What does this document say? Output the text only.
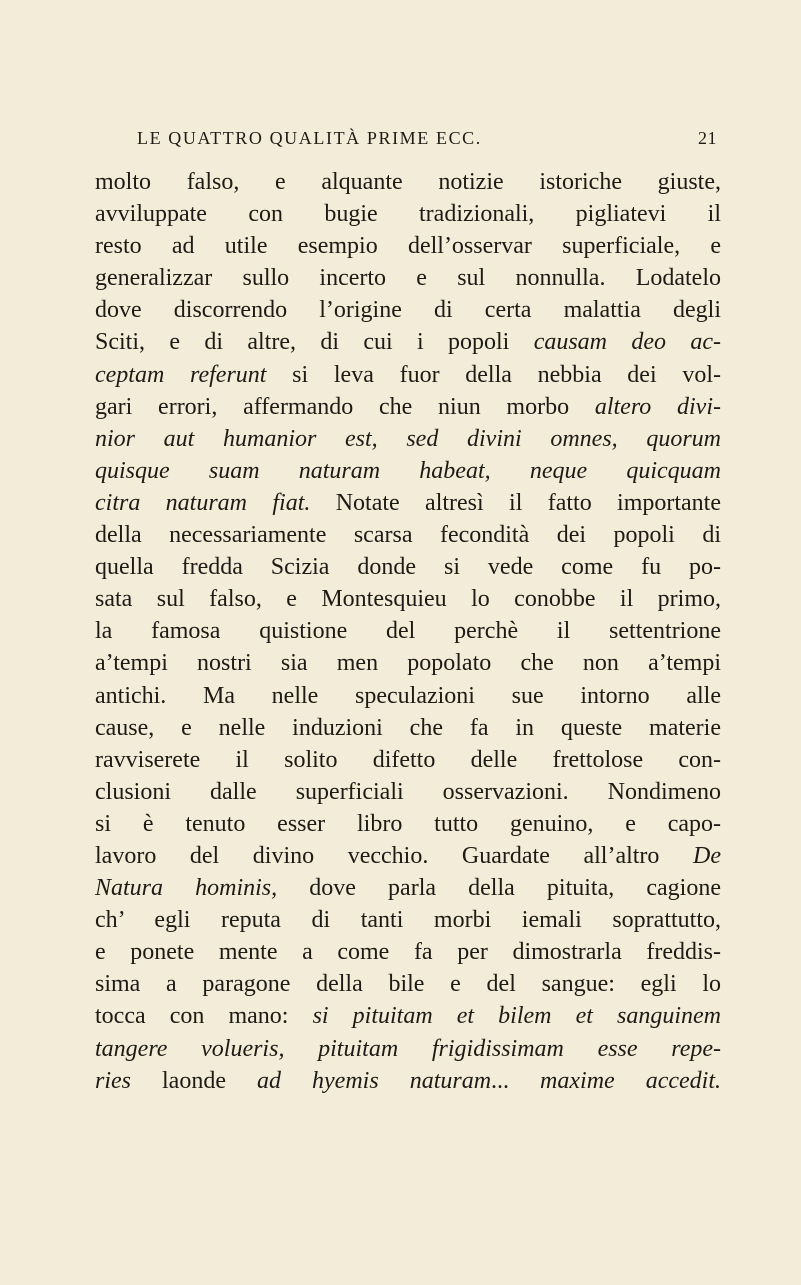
LE QUATTRO QUALITÀ PRIME ECC.	21
molto falso, e alquante notizie istoriche giuste,
avviluppate con bugie tradizionali, pigliatevi il
resto ad utile esempio dell’osservar superficiale, e
generalizzar sullo incerto e sul nonnulla. Lodatelo
dove discorrendo l’origine di certa malattia degli
Sciti, e di altre, di cui i popoli causam deo ac-
ceptam referunt si leva fuor della nebbia dei vol-
gari errori, affermando che niun morbo altero divi-
nior aut humanior est, sed divini omnes, quorum
quisque suam naturam habeat, neque quicquam
citra naturam fiat. Notate altresì il fatto importante
della necessariamente scarsa fecondità dei popoli di
quella fredda Scizia donde si vede come fu po-
sata sul falso, e Montesquieu lo conobbe il primo,
la famosa quistione del perchè il settentrione
a’tempi nostri sia men popolato che non a’tempi
antichi. Ma nelle speculazioni sue intorno alle
cause, e nelle induzioni che fa in queste materie
ravviserete il solito difetto delle frettolose con-
clusioni dalle superficiali osservazioni. Nondimeno
si è tenuto esser libro tutto genuino, e capo-
lavoro del divino vecchio. Guardate all’altro De
Natura hominis, dove parla della pituita, cagione
ch’ egli reputa di tanti morbi iemali soprattutto,
e ponete mente a come fa per dimostrarla freddis-
sima a paragone della bile e del sangue: egli lo
tocca con mano: si pituitam et bilem et sanguinem
tangere volueris, pituitam frigidissimam esse repe-
ries laonde ad hyemis naturam... maxime accedit.
